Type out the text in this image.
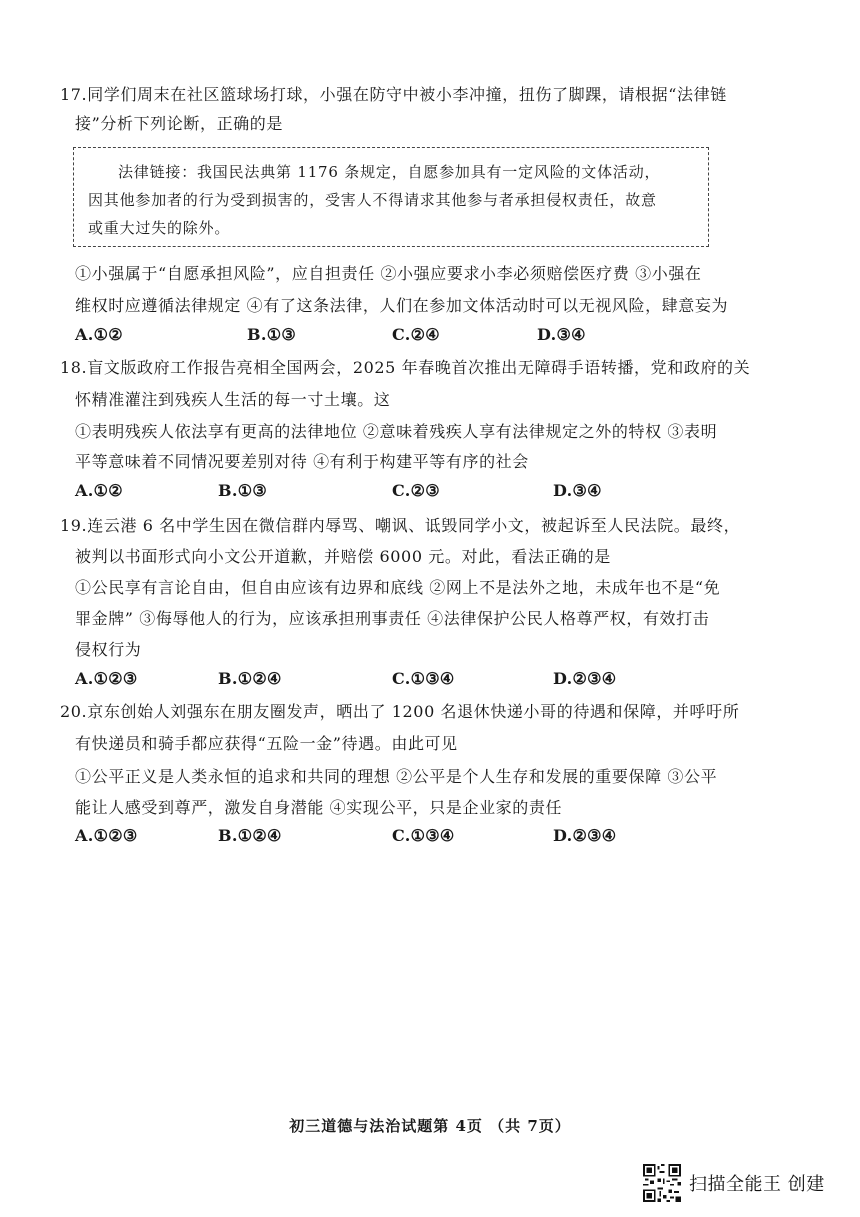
17.同学们周末在社区篮球场打球，小强在防守中被小李冲撞，扭伤了脚踝，请根据“法律链
接”分析下列论断，正确的是
法律链接：我国民法典第 1176 条规定，自愿参加具有一定风险的文体活动，
因其他参加者的行为受到损害的，受害人不得请求其他参与者承担侵权责任，故意
或重大过失的除外。
①小强属于“自愿承担风险”，应自担责任 ②小强应要求小李必须赔偿医疗费 ③小强在
维权时应遵循法律规定 ④有了这条法律，人们在参加文体活动时可以无视风险，肆意妄为
A.①②	B.①③	C.②④	D.③④
18.盲文版政府工作报告亮相全国两会，2025 年春晚首次推出无障碍手语转播，党和政府的关
怀精准灌注到残疾人生活的每一寸土壤。这
①表明残疾人依法享有更高的法律地位 ②意味着残疾人享有法律规定之外的特权 ③表明
平等意味着不同情况要差别对待 ④有利于构建平等有序的社会
A.①②	B.①③	C.②③	D.③④
19.连云港 6 名中学生因在微信群内辱骂、嘲讽、诋毁同学小文，被起诉至人民法院。最终，
被判以书面形式向小文公开道歉，并赔偿 6000 元。对此，看法正确的是
①公民享有言论自由，但自由应该有边界和底线 ②网上不是法外之地，未成年也不是“免
罪金牌” ③侮辱他人的行为，应该承担刑事责任 ④法律保护公民人格尊严权，有效打击
侵权行为
A.①②③	B.①②④	C.①③④	D.②③④
20.京东创始人刘强东在朋友圈发声，晒出了 1200 名退休快递小哥的待遇和保障，并呼吁所
有快递员和骑手都应获得“五险一金”待遇。由此可见
①公平正义是人类永恒的追求和共同的理想 ②公平是个人生存和发展的重要保障 ③公平
能让人感受到尊严，激发自身潜能 ④实现公平，只是企业家的责任
A.①②③	B.①②④	C.①③④	D.②③④
初三道德与法治试题第 4页 （共 7页）
扫描全能王 创建
